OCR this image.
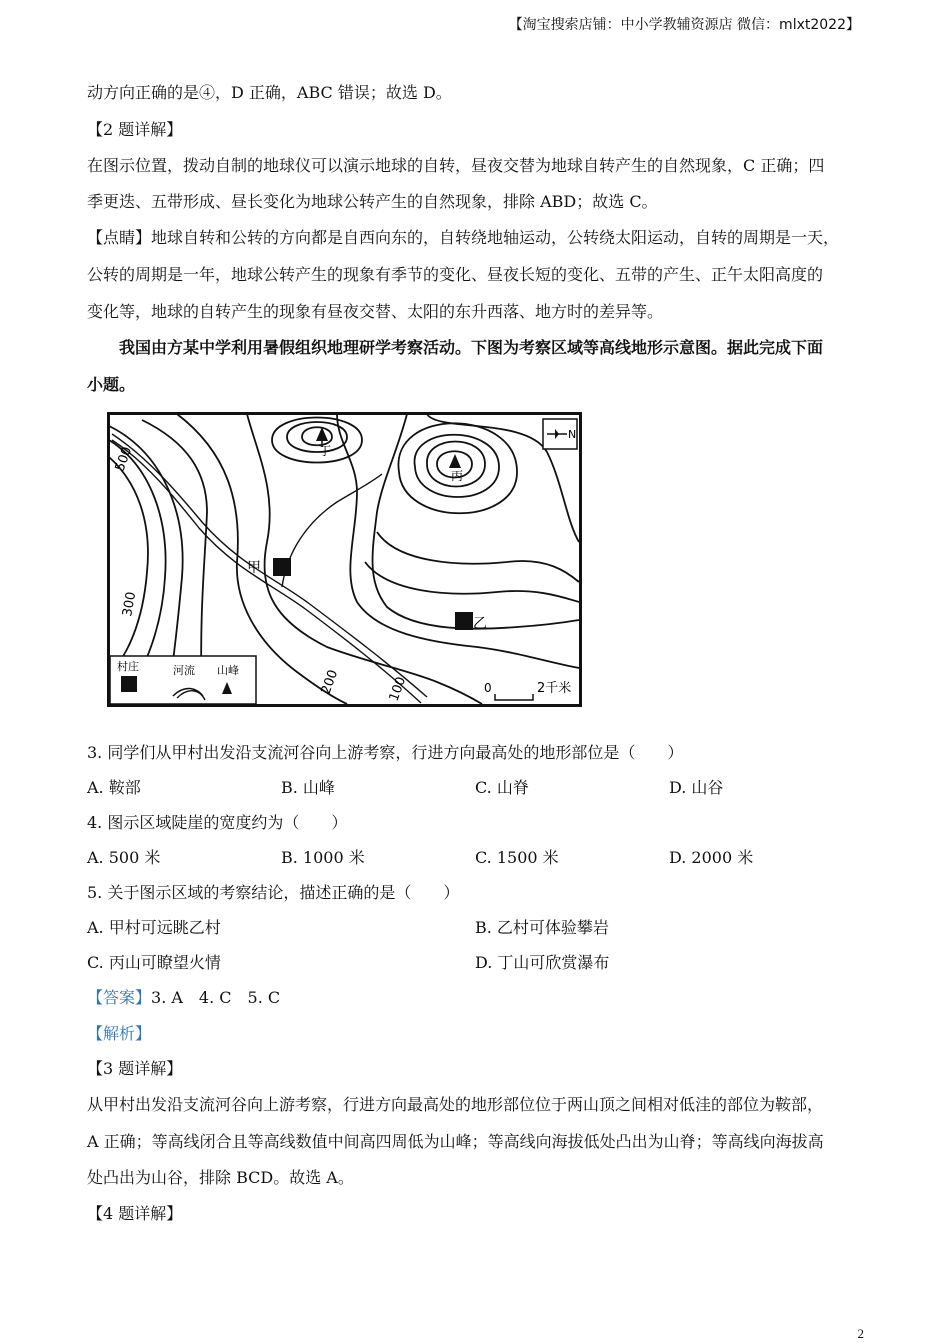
【淘宝搜索店铺：中小学教辅资源店 微信：mlxt2022】
动方向正确的是④，D 正确，ABC 错误；故选 D。
【2 题详解】
在图示位置，拨动自制的地球仪可以演示地球的自转，昼夜交替为地球自转产生的自然现象，C 正确；四
季更迭、五带形成、昼长变化为地球公转产生的自然现象，排除 ABD；故选 C。
【点睛】地球自转和公转的方向都是自西向东的，自转绕地轴运动，公转绕太阳运动，自转的周期是一天，
公转的周期是一年，地球公转产生的现象有季节的变化、昼夜长短的变化、五带的产生、正午太阳高度的
变化等，地球的自转产生的现象有昼夜交替、太阳的东升西落、地方时的差异等。
我国由方某中学利用暑假组织地理研学考察活动。下图为考察区域等高线地形示意图。据此完成下面
小题。
丁
丙
甲
乙
500
300
200	100
N
村庄	河流 山峰
0	2千米
3. 同学们从甲村出发沿支流河谷向上游考察，行进方向最高处的地形部位是（　　）
A. 鞍部	B. 山峰	C. 山脊	D. 山谷
4. 图示区域陡崖的宽度约为（　　）
A. 500 米	B. 1000 米	C. 1500 米	D. 2000 米
5. 关于图示区域的考察结论，描述正确的是（　　）
A. 甲村可远眺乙村	B. 乙村可体验攀岩
C. 丙山可瞭望火情	D. 丁山可欣赏瀑布
【答案】3. A　4. C　5. C
【解析】
【3 题详解】
从甲村出发沿支流河谷向上游考察，行进方向最高处的地形部位位于两山顶之间相对低洼的部位为鞍部，
A 正确；等高线闭合且等高线数值中间高四周低为山峰；等高线向海拔低处凸出为山脊；等高线向海拔高
处凸出为山谷，排除 BCD。故选 A。
【4 题详解】
2
